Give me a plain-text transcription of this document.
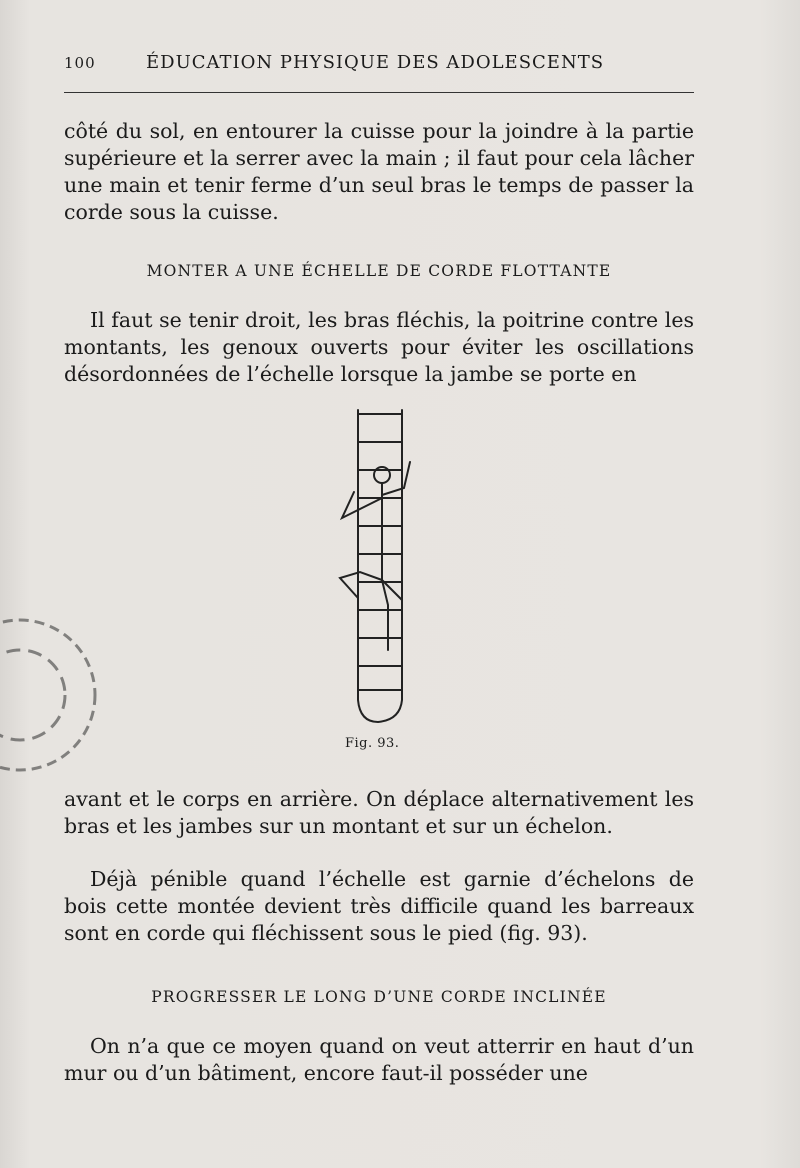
100	ÉDUCATION PHYSIQUE DES ADOLESCENTS
côté du sol, en entourer la cuisse pour la joindre à la partie supérieure et la serrer avec la main ; il faut pour cela lâcher une main et tenir ferme d’un seul bras le temps de passer la corde sous la cuisse.
MONTER A UNE ÉCHELLE DE CORDE FLOTTANTE
Il faut se tenir droit, les bras fléchis, la poitrine contre les montants, les genoux ouverts pour éviter les oscillations désordonnées de l’échelle lorsque la jambe se porte en
Fig. 93.
avant et le corps en arrière. On déplace alternativement les bras et les jambes sur un montant et sur un échelon.
Déjà pénible quand l’échelle est garnie d’échelons de bois cette montée devient très difficile quand les barreaux sont en corde qui fléchissent sous le pied (fig. 93).
PROGRESSER LE LONG D’UNE CORDE INCLINÉE
On n’a que ce moyen quand on veut atterrir en haut d’un mur ou d’un bâtiment, encore faut-il posséder une
